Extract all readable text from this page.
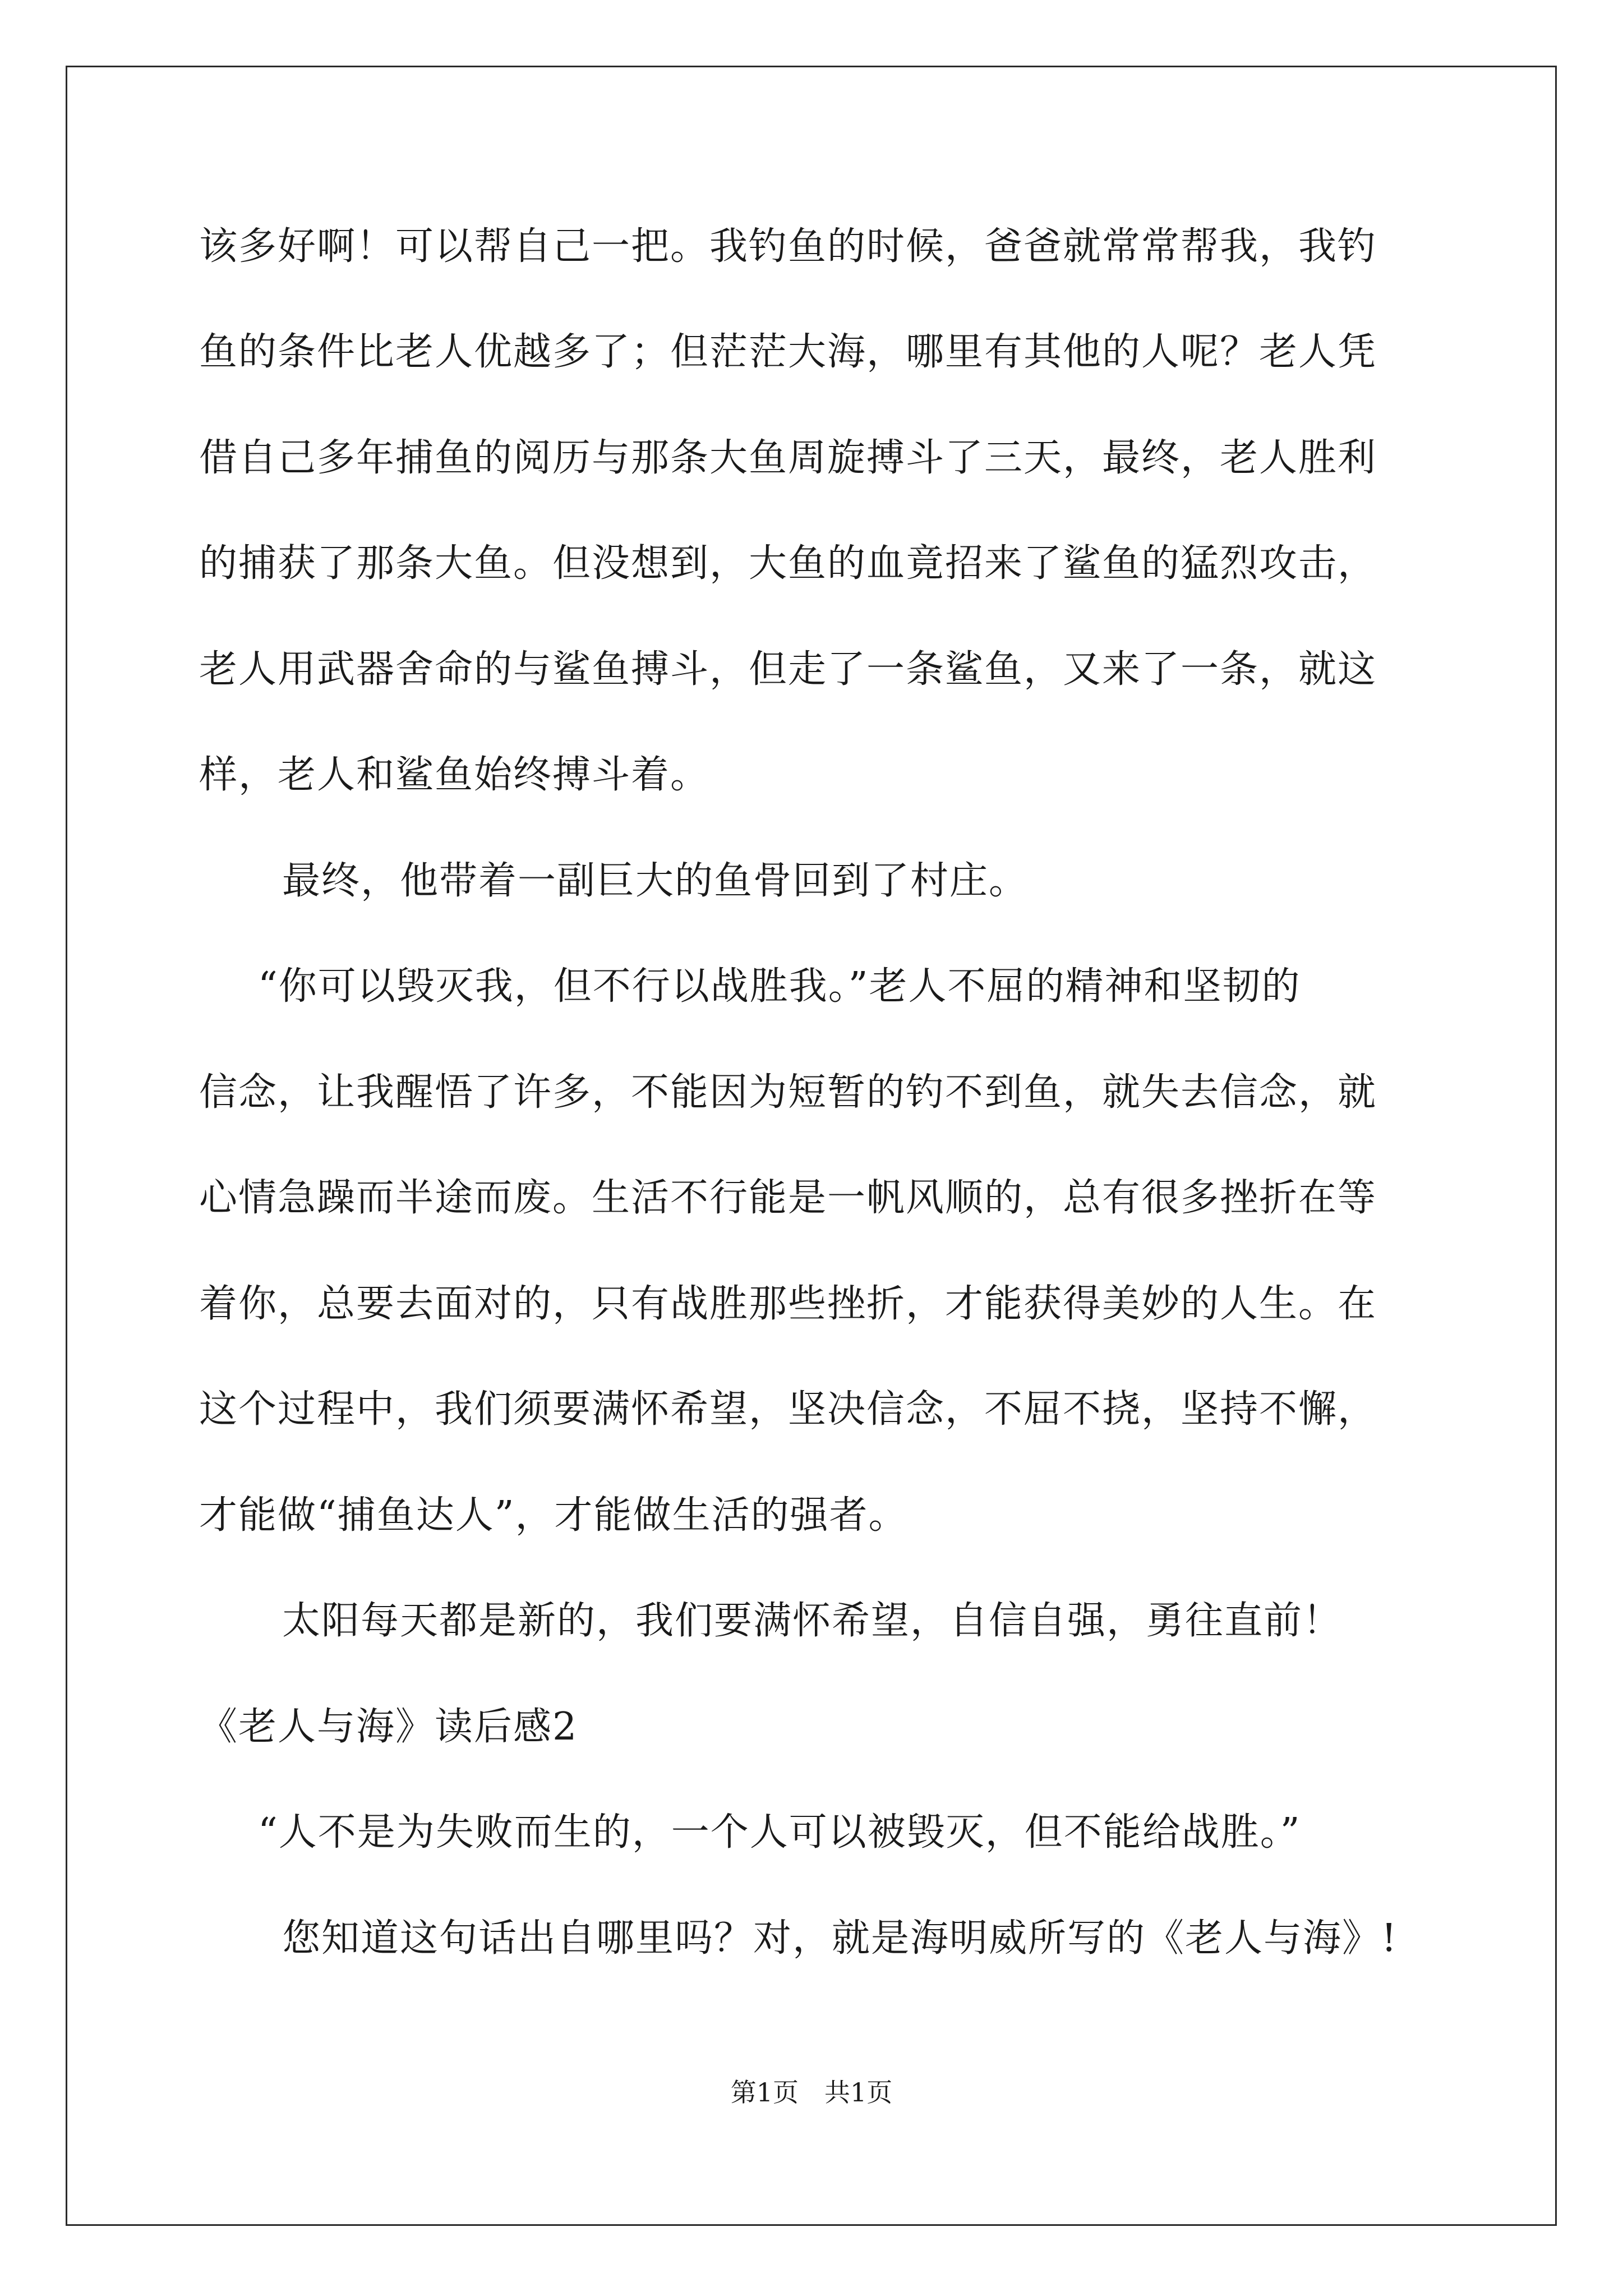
该多好啊！可以帮自己一把。我钓鱼的时候，爸爸就常常帮我，我钓
鱼的条件比老人优越多了；但茫茫大海，哪里有其他的人呢？老人凭
借自己多年捕鱼的阅历与那条大鱼周旋搏斗了三天，最终，老人胜利
的捕获了那条大鱼。但没想到，大鱼的血竟招来了鲨鱼的猛烈攻击，
老人用武器舍命的与鲨鱼搏斗，但走了一条鲨鱼，又来了一条，就这
样，老人和鲨鱼始终搏斗着。
最终，他带着一副巨大的鱼骨回到了村庄。
“你可以毁灭我，但不行以战胜我。”老人不屈的精神和坚韧的
信念，让我醒悟了许多，不能因为短暂的钓不到鱼，就失去信念，就
心情急躁而半途而废。生活不行能是一帆风顺的，总有很多挫折在等
着你，总要去面对的，只有战胜那些挫折，才能获得美妙的人生。在
这个过程中，我们须要满怀希望，坚决信念，不屈不挠，坚持不懈，
才能做“捕鱼达人”，才能做生活的强者。
太阳每天都是新的，我们要满怀希望，自信自强，勇往直前！
《老人与海》读后感2
“人不是为失败而生的，一个人可以被毁灭，但不能给战胜。”
您知道这句话出自哪里吗？对，就是海明威所写的《老人与海》!
第1页　共1页
